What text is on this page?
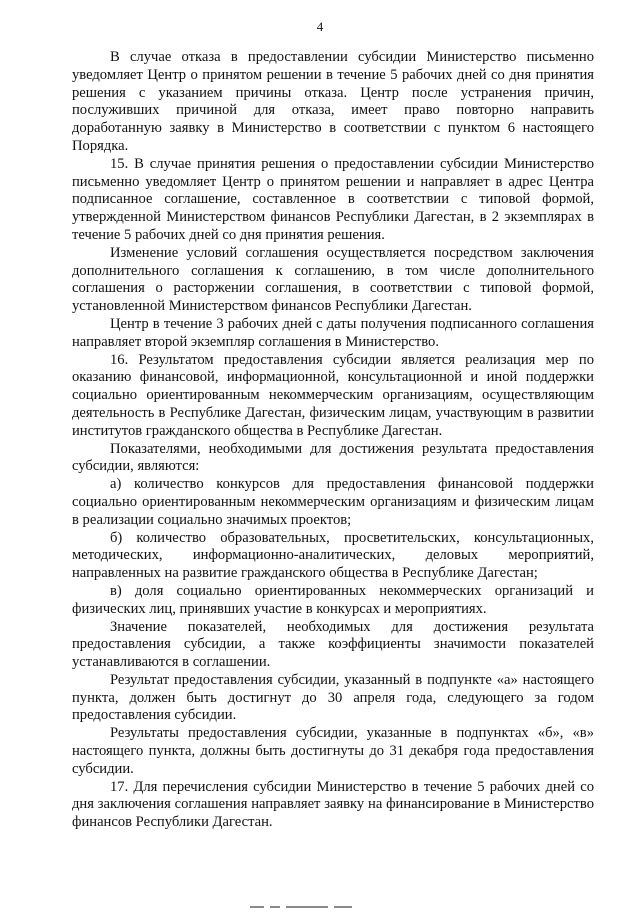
4

В случае отказа в предоставлении субсидии Министерство письменно уведомляет Центр о принятом решении в течение 5 рабочих дней со дня принятия решения с указанием причины отказа. Центр после устранения причин, послуживших причиной для отказа, имеет право повторно направить доработанную заявку в Министерство в соответствии с пунктом 6 настоящего Порядка.

15. В случае принятия решения о предоставлении субсидии Министерство письменно уведомляет Центр о принятом решении и направляет в адрес Центра подписанное соглашение, составленное в соответствии с типовой формой, утвержденной Министерством финансов Республики Дагестан, в 2 экземплярах в течение 5 рабочих дней со дня принятия решения.

Изменение условий соглашения осуществляется посредством заключения дополнительного соглашения к соглашению, в том числе дополнительного соглашения о расторжении соглашения, в соответствии с типовой формой, установленной Министерством финансов Республики Дагестан.

Центр в течение 3 рабочих дней с даты получения подписанного соглашения направляет второй экземпляр соглашения в Министерство.

16. Результатом предоставления субсидии является реализация мер по оказанию финансовой, информационной, консультационной и иной поддержки социально ориентированным некоммерческим организациям, осуществляющим деятельность в Республике Дагестан, физическим лицам, участвующим в развитии институтов гражданского общества в Республике Дагестан.

Показателями, необходимыми для достижения результата предоставления субсидии, являются:

а) количество конкурсов для предоставления финансовой поддержки социально ориентированным некоммерческим организациям и физическим лицам в реализации социально значимых проектов;

б) количество образовательных, просветительских, консультационных, методических, информационно-аналитических, деловых мероприятий, направленных на развитие гражданского общества в Республике Дагестан;

в) доля социально ориентированных некоммерческих организаций и физических лиц, принявших участие в конкурсах и мероприятиях.

Значение показателей, необходимых для достижения результата предоставления субсидии, а также коэффициенты значимости показателей устанавливаются в соглашении.

Результат предоставления субсидии, указанный в подпункте «а» настоящего пункта, должен быть достигнут до 30 апреля года, следующего за годом предоставления субсидии.

Результаты предоставления субсидии, указанные в подпунктах «б», «в» настоящего пункта, должны быть достигнуты до 31 декабря года предоставления субсидии.

17. Для перечисления субсидии Министерство в течение 5 рабочих дней со дня заключения соглашения направляет заявку на финансирование в Министерство финансов Республики Дагестан.
